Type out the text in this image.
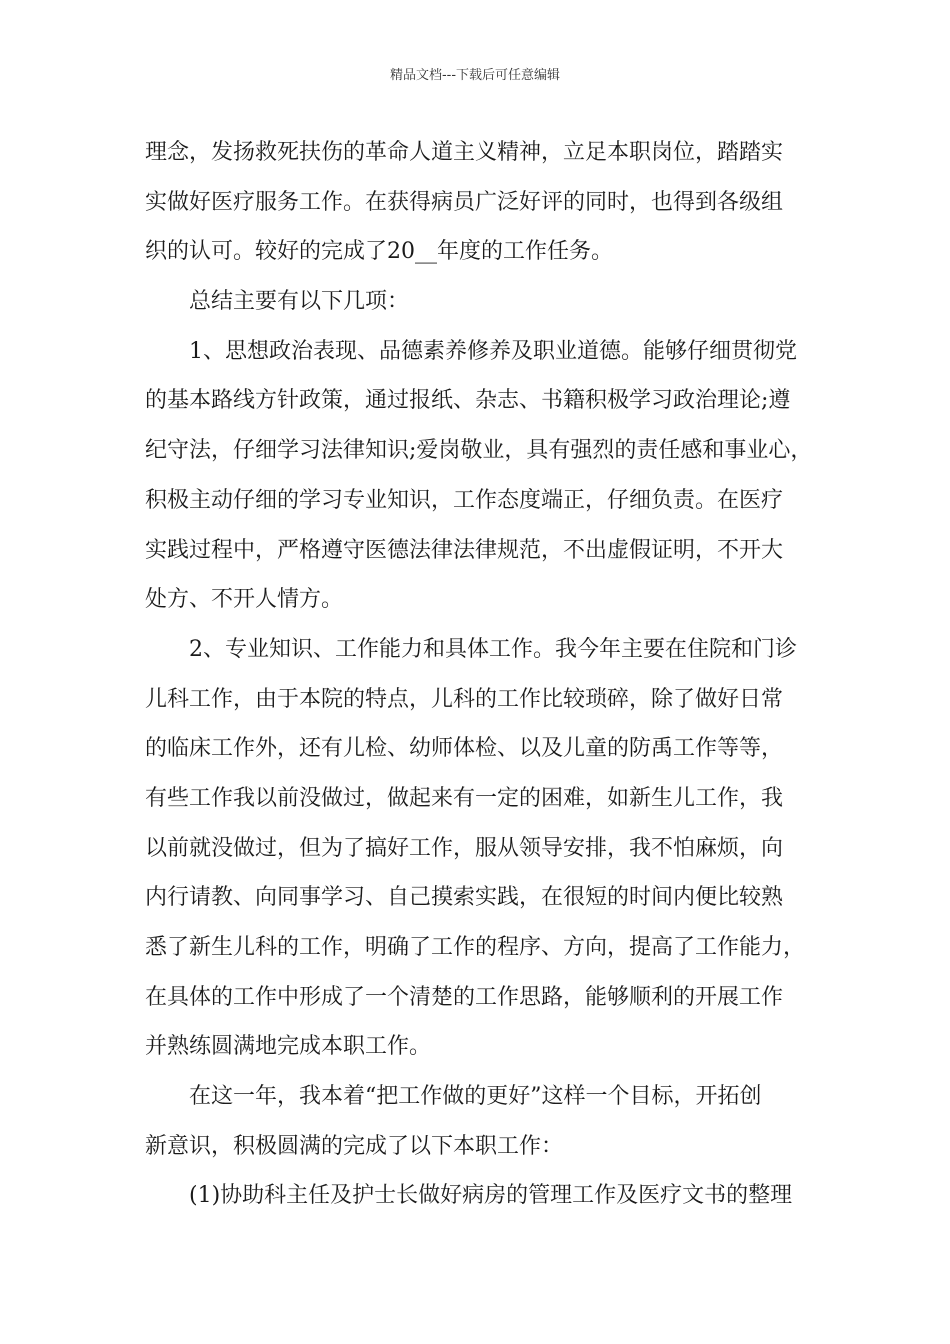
精品文档---下载后可任意编辑
理念，发扬救死扶伤的革命人道主义精神，立足本职岗位，踏踏实
实做好医疗服务工作。在获得病员广泛好评的同时，也得到各级组
织的认可。较好的完成了20__年度的工作任务。
总结主要有以下几项：
1、思想政治表现、品德素养修养及职业道德。能够仔细贯彻党
的基本路线方针政策，通过报纸、杂志、书籍积极学习政治理论;遵
纪守法，仔细学习法律知识;爱岗敬业，具有强烈的责任感和事业心，
积极主动仔细的学习专业知识，工作态度端正，仔细负责。在医疗
实践过程中，严格遵守医德法律法律规范，不出虚假证明，不开大
处方、不开人情方。
2、专业知识、工作能力和具体工作。我今年主要在住院和门诊
儿科工作，由于本院的特点，儿科的工作比较琐碎，除了做好日常
的临床工作外，还有儿检、幼师体检、以及儿童的防禹工作等等，
有些工作我以前没做过，做起来有一定的困难，如新生儿工作，我
以前就没做过，但为了搞好工作，服从领导安排，我不怕麻烦，向
内行请教、向同事学习、自己摸索实践，在很短的时间内便比较熟
悉了新生儿科的工作，明确了工作的程序、方向，提高了工作能力，
在具体的工作中形成了一个清楚的工作思路，能够顺利的开展工作
并熟练圆满地完成本职工作。
在这一年，我本着“把工作做的更好”这样一个目标，开拓创
新意识，积极圆满的完成了以下本职工作：
(1)协助科主任及护士长做好病房的管理工作及医疗文书的整理
